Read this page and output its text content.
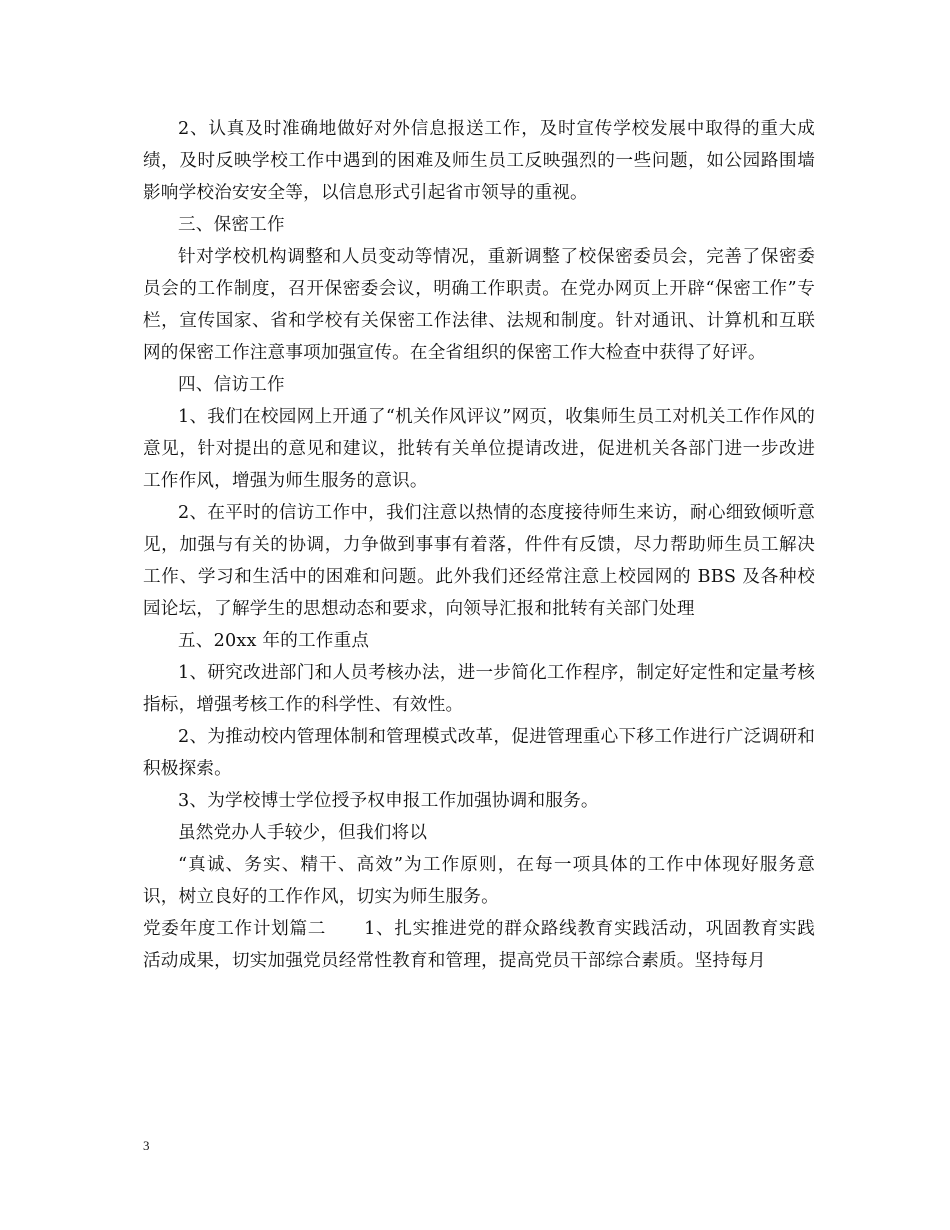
2、认真及时准确地做好对外信息报送工作，及时宣传学校发展中取得的重大成绩，及时反映学校工作中遇到的困难及师生员工反映强烈的一些问题，如公园路围墙影响学校治安安全等，以信息形式引起省市领导的重视。

三、保密工作

针对学校机构调整和人员变动等情况，重新调整了校保密委员会，完善了保密委员会的工作制度，召开保密委会议，明确工作职责。在党办网页上开辟“保密工作”专栏，宣传国家、省和学校有关保密工作法律、法规和制度。针对通讯、计算机和互联网的保密工作注意事项加强宣传。在全省组织的保密工作大检查中获得了好评。

四、信访工作

1、我们在校园网上开通了“机关作风评议”网页，收集师生员工对机关工作作风的意见，针对提出的意见和建议，批转有关单位提请改进，促进机关各部门进一步改进工作作风，增强为师生服务的意识。

2、在平时的信访工作中，我们注意以热情的态度接待师生来访，耐心细致倾听意见，加强与有关的协调，力争做到事事有着落，件件有反馈，尽力帮助师生员工解决工作、学习和生活中的困难和问题。此外我们还经常注意上校园网的 BBS 及各种校园论坛，了解学生的思想动态和要求，向领导汇报和批转有关部门处理

五、20xx 年的工作重点

1、研究改进部门和人员考核办法，进一步简化工作程序，制定好定性和定量考核指标，增强考核工作的科学性、有效性。

2、为推动校内管理体制和管理模式改革，促进管理重心下移工作进行广泛调研和积极探索。

3、为学校博士学位授予权申报工作加强协调和服务。

虽然党办人手较少，但我们将以

“真诚、务实、精干、高效”为工作原则，在每一项具体的工作中体现好服务意识，树立良好的工作作风，切实为师生服务。

党委年度工作计划篇二 1、扎实推进党的群众路线教育实践活动，巩固教育实践活动成果，切实加强党员经常性教育和管理，提高党员干部综合素质。坚持每月

3
